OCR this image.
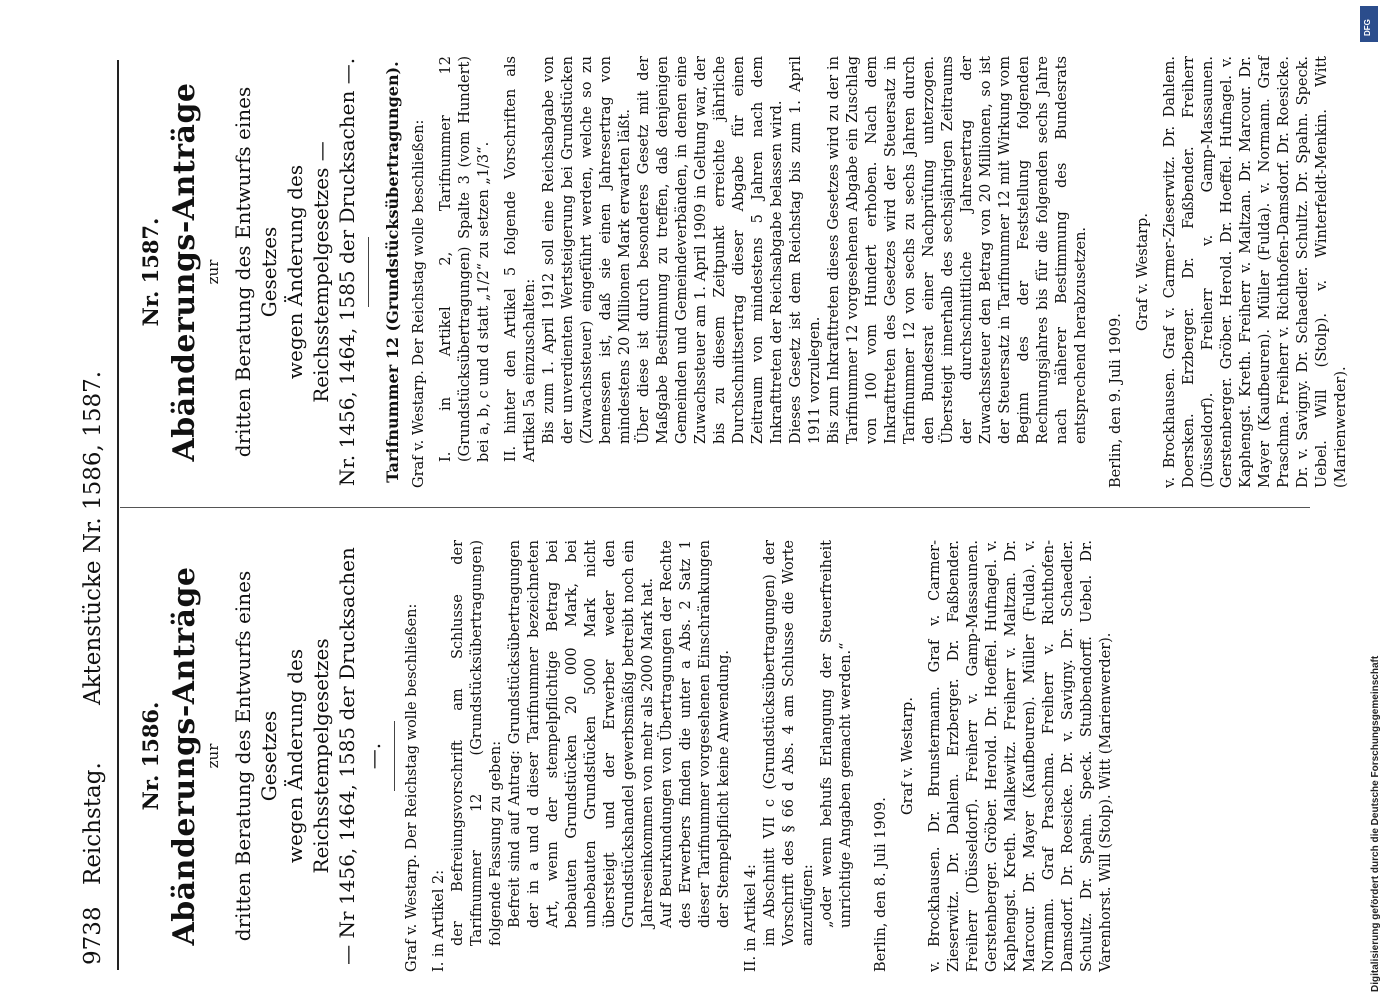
9738
Reichstag.
Aktenstücke Nr. 1586, 1587.
Nr. 1586. Abänderungs-Anträge zur dritten Beratung des Entwurfs eines Gesetzes wegen Änderung des Reichsstempelgesetzes — Nr 1456, 1464, 1585 der Drucksachen —. Graf v. Westarp. Der Reichstag wolle beschließen: I. in Artikel 2: der Befreiungsvorschrift am Schlusse der Tarifnummer 12 (Grundstücksübertragungen) folgende Fassung zu geben: Befreit sind auf Antrag: Grundstücksübertragungen der in a und d dieser Tarifnummer bezeichneten Art, wenn der stempelpflichtige Betrag bei bebauten Grundstücken 20 000 Mark, bei unbebauten Grundstücken 5000 Mark nicht übersteigt und der Erwerber weder den Grundstückshandel gewerbsmäßig betreibt noch ein Jahreseinkommen von mehr als 2000 Mark hat. Auf Beurkundungen von Übertragungen der Rechte des Erwerbers finden die unter a Abs. 2 Satz 1 dieser Tarifnummer vorgesehenen Einschränkungen der Stempelpflicht keine Anwendung. II. in Artikel 4: im Abschnitt VII c (Grundstücksübertragungen) der Vorschrift des § 66 d Abs. 4 am Schlusse die Worte anzufügen: „oder wenn behufs Erlangung der Steuerfreiheit unrichtige Angaben gemacht werden.“ Berlin, den 8. Juli 1909.

Graf v. Westarp. v. Brockhausen. Dr. Brunstermann. Graf v. Carmer-Zieserwitz. Dr. Dahlem. Erzberger. Dr. Faßbender. Freiherr (Düsseldorf). Freiherr v. Gamp-Massaunen. Gerstenberger. Gröber. Herold. Dr. Hoeffel. Hufnagel. v. Kaphengst. Kreth. Malkewitz. Freiherr v. Maltzan. Dr. Marcour. Dr. Mayer (Kaufbeuren). Müller (Fulda). v. Normann. Graf Praschma. Freiherr v. Richthofen-Damsdorf. Dr. Roesicke. Dr. v. Savigny. Dr. Schaedler. Schultz. Dr. Spahn. Speck. Stubbendorff. Uebel. Dr. Varenhorst. Will (Stolp). Witt (Marienwerder).

Nr. 1587. Abänderungs-Anträge zur dritten Beratung des Entwurfs eines Gesetzes wegen Änderung des Reichsstempelgesetzes — Nr. 1456, 1464, 1585 der Drucksachen —. Tarifnummer 12 (Grundstücksübertragungen). Graf v. Westarp. Der Reichstag wolle beschließen: I. in Artikel 2, Tarifnummer 12 (Grundstücksübertragungen) Spalte 3 (vom Hundert) bei a, b, c und d statt „1/2“ zu setzen „1/3“. II. hinter den Artikel 5 folgende Vorschriften als Artikel 5a einzuschalten: Bis zum 1. April 1912 soll eine Reichsabgabe von der unverdienten Wertsteigerung bei Grundstücken (Zuwachssteuer) eingeführt werden, welche so zu bemessen ist, daß sie einen Jahresertrag von mindestens 20 Millionen Mark erwarten läßt. Über diese ist durch besonderes Gesetz mit der Maßgabe Bestimmung zu treffen, daß denjenigen Gemeinden und Gemeindeverbänden, in denen eine Zuwachssteuer am 1. April 1909 in Geltung war, der bis zu diesem Zeitpunkt erreichte jährliche Durchschnittsertrag dieser Abgabe für einen Zeitraum von mindestens 5 Jahren nach dem Inkrafttreten der Reichsabgabe belassen wird. Dieses Gesetz ist dem Reichstag bis zum 1. April 1911 vorzulegen. Bis zum Inkrafttreten dieses Gesetzes wird zu der in Tarifnummer 12 vorgesehenen Abgabe ein Zuschlag von 100 vom Hundert erhoben. Nach dem Inkrafttreten des Gesetzes wird der Steuersatz in Tarifnummer 12 von sechs zu sechs Jahren durch den Bundesrat einer Nachprüfung unterzogen. Übersteigt innerhalb des sechsjährigen Zeitraums der durchschnittliche Jahresertrag der Zuwachssteuer den Betrag von 20 Millionen, so ist der Steuersatz in Tarifnummer 12 mit Wirkung vom Beginn des der Feststellung folgenden Rechnungsjahres bis für die folgenden sechs Jahre nach näherer Bestimmung des Bundesrats entsprechend herabzusetzen. Berlin, den 9. Juli 1909.

Graf v. Westarp. v. Brockhausen. Graf v. Carmer-Zieserwitz. Dr. Dahlem. Doersken. Erzberger. Dr. Faßbender. Freiherr (Düsseldorf). Freiherr v. Gamp-Massaunen. Gerstenberger. Gröber. Herold. Dr. Hoeffel. Hufnagel. v. Kaphengst. Kreth. Freiherr v. Maltzan. Dr. Marcour. Dr. Mayer (Kaufbeuren). Müller (Fulda). v. Normann. Graf Praschma. Freiherr v. Richthofen-Damsdorf. Dr. Roesicke. Dr. v. Savigny. Dr. Schaedler. Schultz. Dr. Spahn. Speck. Uebel. Will (Stolp). v. Winterfeldt-Menkin. Witt (Marienwerder).

DFG
Digitalisierung gefördert durch die Deutsche Forschungsgemeinschaft
